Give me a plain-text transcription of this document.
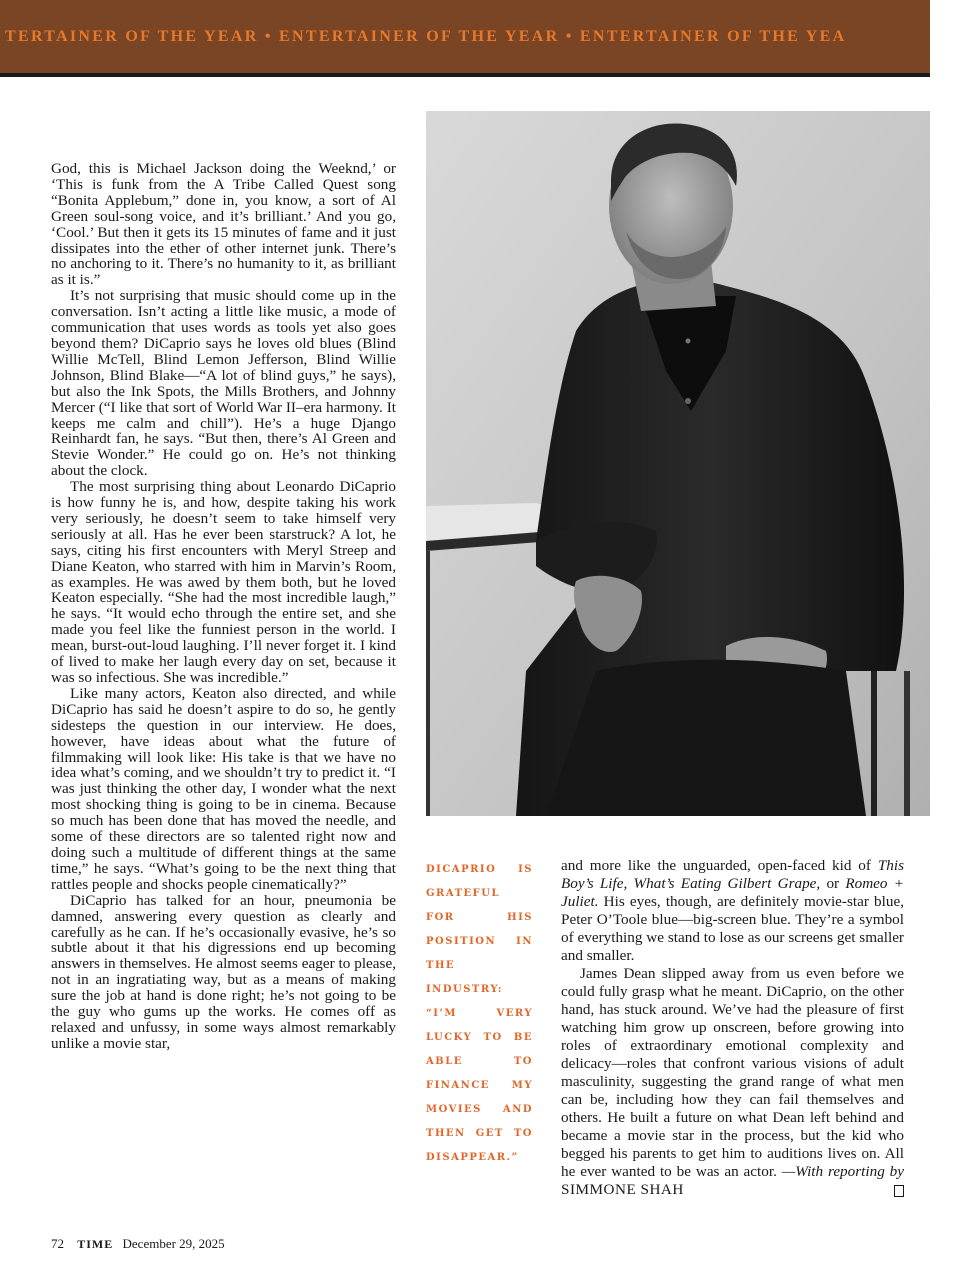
TERTAINER OF THE YEAR • ENTERTAINER OF THE YEAR • ENTERTAINER OF THE YEA

God, this is Michael Jackson doing the Weeknd,’ or ‘This is funk from the A Tribe Called Quest song “Bonita Applebum,” done in, you know, a sort of Al Green soul-song voice, and it’s brilliant.’ And you go, ‘Cool.’ But then it gets its 15 minutes of fame and it just dissipates into the ether of other internet junk. There’s no anchoring to it. There’s no humanity to it, as brilliant as it is.”

It’s not surprising that music should come up in the conversation. Isn’t acting a little like music, a mode of communication that uses words as tools yet also goes beyond them? DiCaprio says he loves old blues (Blind Willie McTell, Blind Lemon Jefferson, Blind Willie Johnson, Blind Blake—“A lot of blind guys,” he says), but also the Ink Spots, the Mills Brothers, and Johnny Mercer (“I like that sort of World War II–era harmony. It keeps me calm and chill”). He’s a huge Django Reinhardt fan, he says. “But then, there’s Al Green and Stevie Wonder.” He could go on. He’s not thinking about the clock.

The most surprising thing about Leonardo DiCaprio is how funny he is, and how, despite taking his work very seriously, he doesn’t seem to take himself very seriously at all. Has he ever been starstruck? A lot, he says, citing his first encounters with Meryl Streep and Diane Keaton, who starred with him in Marvin’s Room, as examples. He was awed by them both, but he loved Keaton especially. “She had the most incredible laugh,” he says. “It would echo through the entire set, and she made you feel like the funniest person in the world. I mean, burst-out-loud laughing. I’ll never forget it. I kind of lived to make her laugh every day on set, because it was so infectious. She was incredible.”

Like many actors, Keaton also directed, and while DiCaprio has said he doesn’t aspire to do so, he gently sidesteps the question in our interview. He does, however, have ideas about what the future of filmmaking will look like: His take is that we have no idea what’s coming, and we shouldn’t try to predict it. “I was just thinking the other day, I wonder what the next most shocking thing is going to be in cinema. Because so much has been done that has moved the needle, and some of these directors are so talented right now and doing such a multitude of different things at the same time,” he says. “What’s going to be the next thing that rattles people and shocks people cinematically?”

DiCaprio has talked for an hour, pneumonia be damned, answering every question as clearly and carefully as he can. If he’s occasionally evasive, he’s so subtle about it that his digressions end up becoming answers in themselves. He almost seems eager to please, not in an ingratiating way, but as a means of making sure the job at hand is done right; he’s not going to be the guy who gums up the works. He comes off as relaxed and unfussy, in some ways almost remarkably unlike a movie star,

DICAPRIO IS GRATEFUL FOR HIS POSITION IN THE INDUSTRY: “I’M VERY LUCKY TO BE ABLE TO FINANCE MY MOVIES AND THEN GET TO DISAPPEAR.”

and more like the unguarded, open-faced kid of This Boy’s Life, What’s Eating Gilbert Grape, or Romeo + Juliet. His eyes, though, are definitely movie-star blue, Peter O’Toole blue—big-screen blue. They’re a symbol of everything we stand to lose as our screens get smaller and smaller.

James Dean slipped away from us even before we could fully grasp what he meant. DiCaprio, on the other hand, has stuck around. We’ve had the pleasure of first watching him grow up onscreen, before growing into roles of extraordinary emotional complexity and delicacy—roles that confront various visions of adult masculinity, suggesting the grand range of what men can be, including how they can fail themselves and others. He built a future on what Dean left behind and became a movie star in the process, but the kid who begged his parents to get him to auditions lives on. All he ever wanted to be was an actor. —With reporting by SIMMONE SHAH

72 TIME December 29, 2025
